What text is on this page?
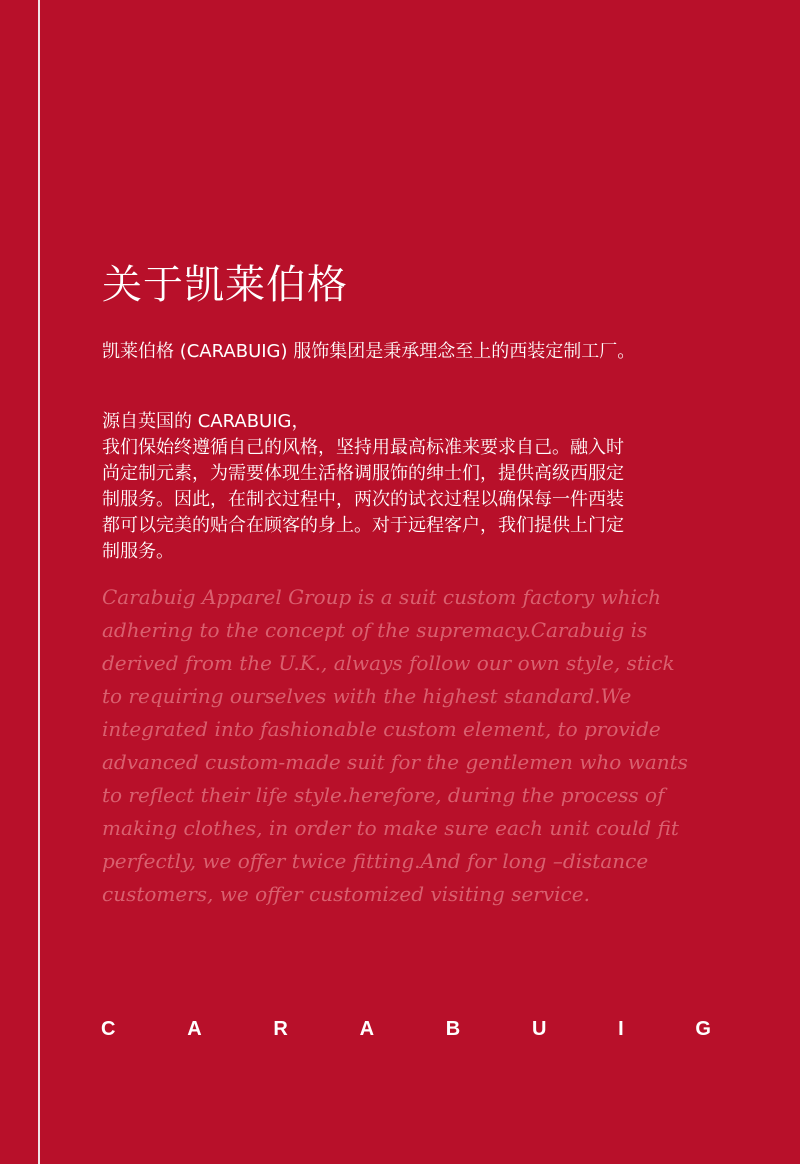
关于凯莱伯格

凯莱伯格 (CARABUIG) 服饰集团是秉承理念至上的西装定制工厂。

源自英国的 CARABUIG，
我们保始终遵循自己的风格，坚持用最高标准来要求自己。融入时
尚定制元素，为需要体现生活格调服饰的绅士们，提供高级西服定
制服务。因此，在制衣过程中，两次的试衣过程以确保每一件西装
都可以完美的贴合在顾客的身上。对于远程客户，我们提供上门定
制服务。

Carabuig Apparel Group is a suit custom factory which
adhering to the concept of the supremacy.Carabuig is
derived from the U.K., always follow our own style, stick
to requiring ourselves with the highest standard.We
integrated into fashionable custom element, to provide
advanced custom-made suit for the gentlemen who wants
to reflect their life style.herefore, during the process of
making clothes, in order to make sure each unit could fit
perfectly, we offer twice fitting.And for long –distance
customers, we offer customized visiting service.

C	A	R	A	B	U	I	G
